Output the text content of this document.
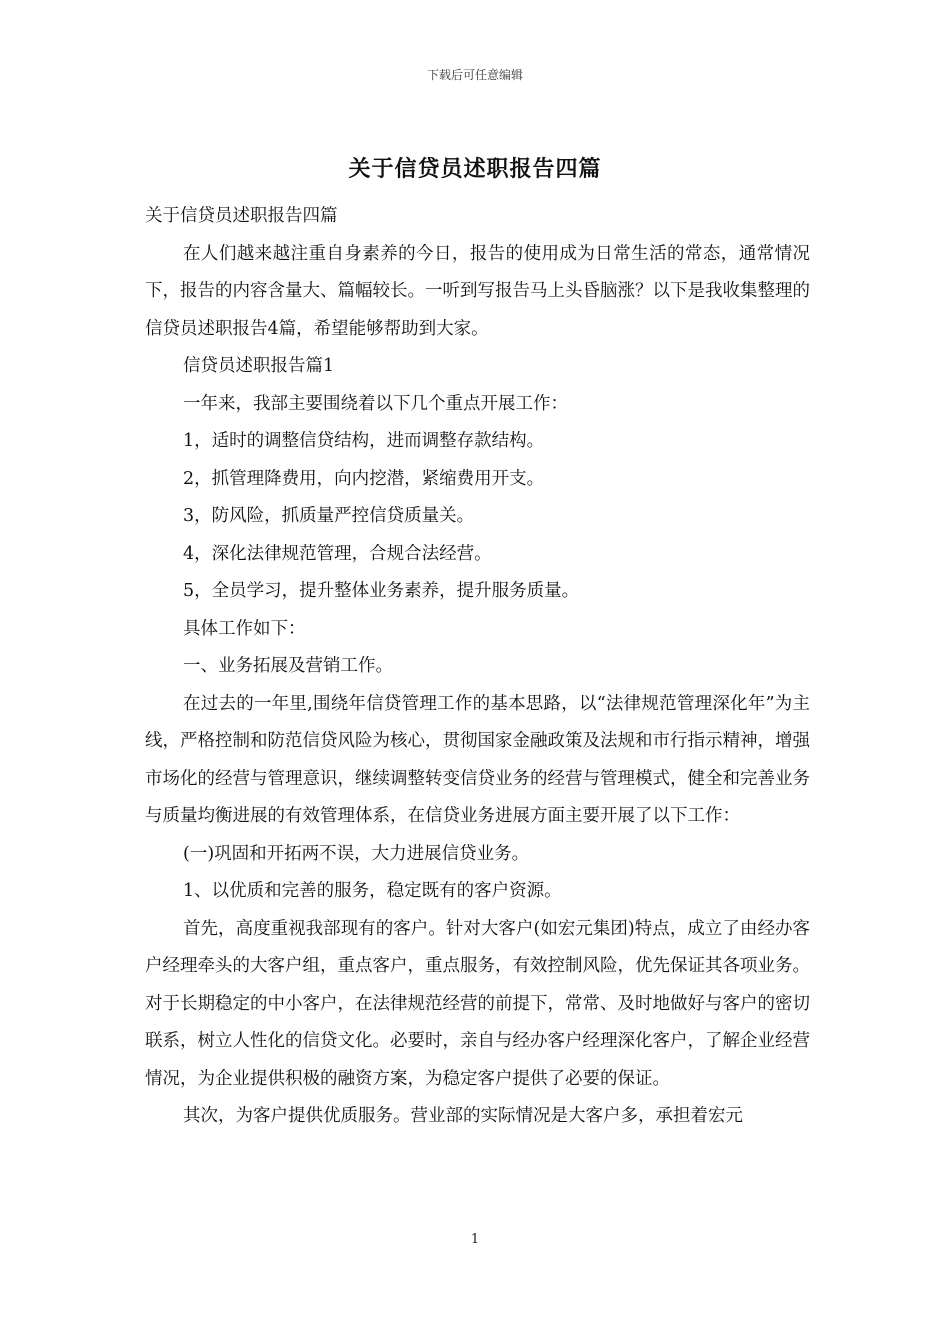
下载后可任意编辑
关于信贷员述职报告四篇

关于信贷员述职报告四篇

在人们越来越注重自身素养的今日，报告的使用成为日常生活的常态，通常情况下，报告的内容含量大、篇幅较长。一听到写报告马上头昏脑涨？以下是我收集整理的信贷员述职报告4篇，希望能够帮助到大家。

信贷员述职报告篇1

一年来，我部主要围绕着以下几个重点开展工作：

1，适时的调整信贷结构，进而调整存款结构。

2，抓管理降费用，向内挖潜，紧缩费用开支。

3，防风险，抓质量严控信贷质量关。

4，深化法律规范管理，合规合法经营。

5，全员学习，提升整体业务素养，提升服务质量。

具体工作如下：

一、业务拓展及营销工作。

在过去的一年里,围绕年信贷管理工作的基本思路，以“法律规范管理深化年”为主线，严格控制和防范信贷风险为核心，贯彻国家金融政策及法规和市行指示精神，增强市场化的经营与管理意识，继续调整转变信贷业务的经营与管理模式，健全和完善业务与质量均衡进展的有效管理体系，在信贷业务进展方面主要开展了以下工作：

(一)巩固和开拓两不误，大力进展信贷业务。

1、以优质和完善的服务，稳定既有的客户资源。

首先，高度重视我部现有的客户。针对大客户(如宏元集团)特点，成立了由经办客户经理牵头的大客户组，重点客户，重点服务，有效控制风险，优先保证其各项业务。对于长期稳定的中小客户，在法律规范经营的前提下，常常、及时地做好与客户的密切联系，树立人性化的信贷文化。必要时，亲自与经办客户经理深化客户，了解企业经营情况，为企业提供积极的融资方案，为稳定客户提供了必要的保证。

其次，为客户提供优质服务。营业部的实际情况是大客户多，承担着宏元

1
